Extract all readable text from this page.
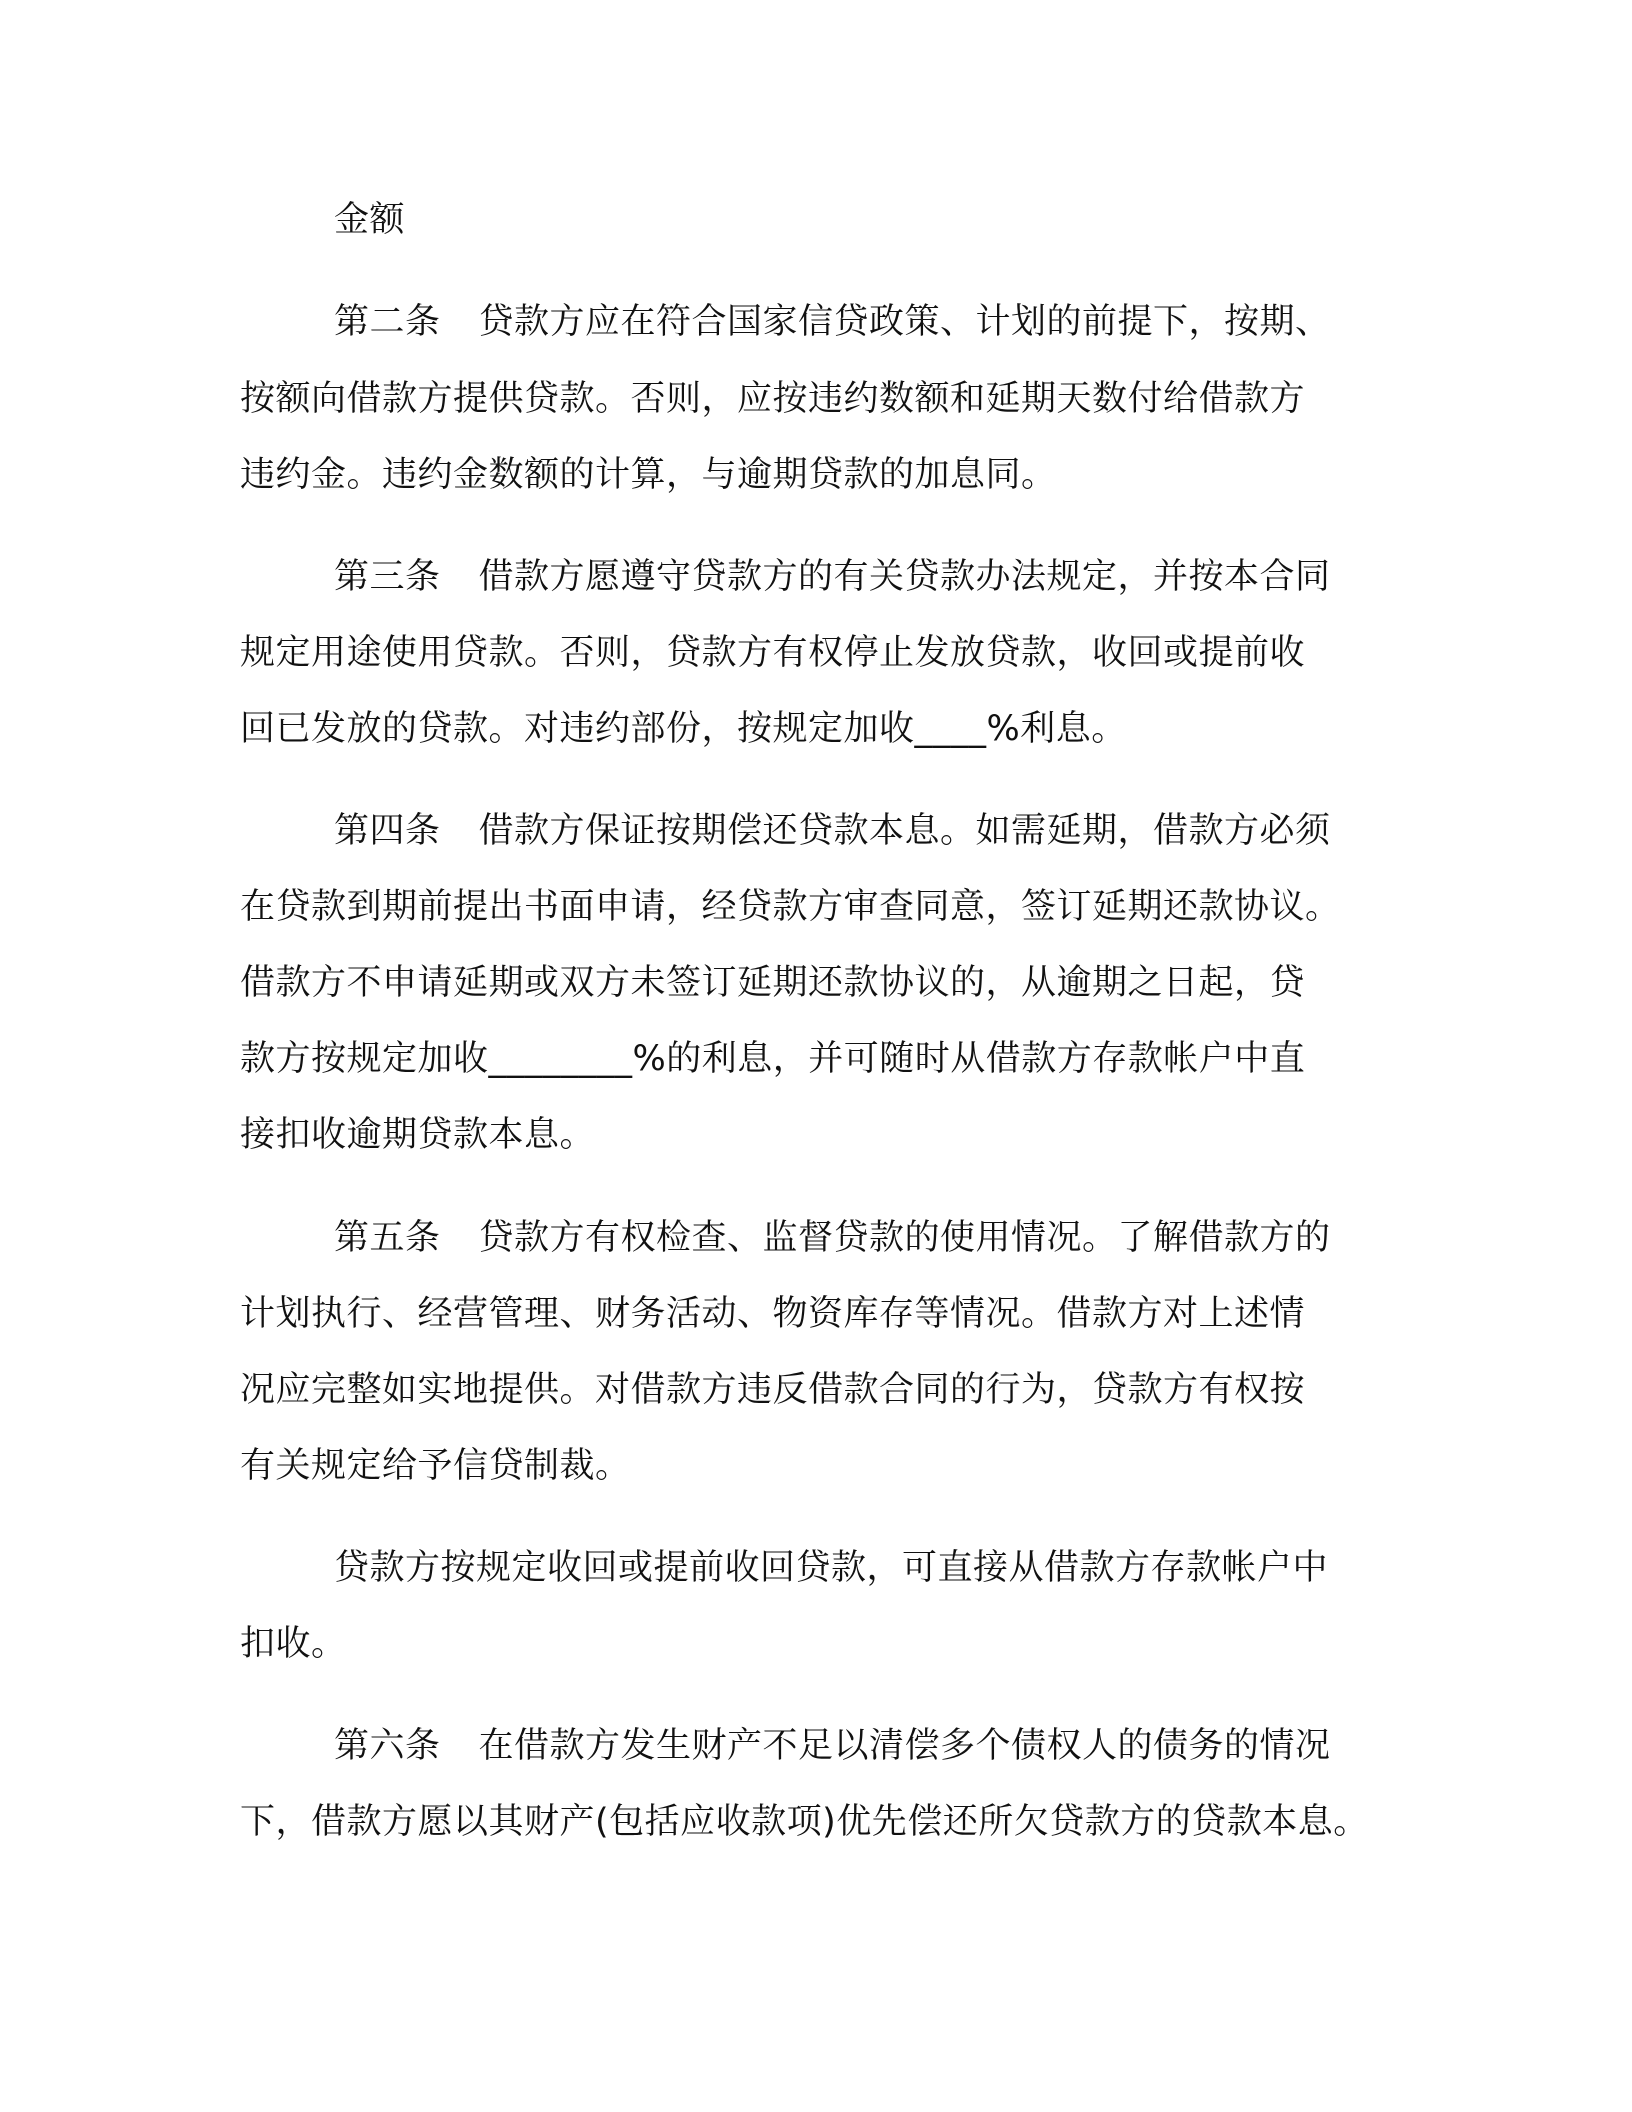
金额
第二条 贷款方应在符合国家信贷政策、计划的前提下，按期、
按额向借款方提供贷款。否则，应按违约数额和延期天数付给借款方
违约金。违约金数额的计算，与逾期贷款的加息同。
第三条 借款方愿遵守贷款方的有关贷款办法规定，并按本合同
规定用途使用贷款。否则，贷款方有权停止发放贷款，收回或提前收
回已发放的贷款。对违约部份，按规定加收____%利息。
第四条 借款方保证按期偿还贷款本息。如需延期，借款方必须
在贷款到期前提出书面申请，经贷款方审查同意，签订延期还款协议。
借款方不申请延期或双方未签订延期还款协议的，从逾期之日起，贷
款方按规定加收________%的利息，并可随时从借款方存款帐户中直
接扣收逾期贷款本息。
第五条 贷款方有权检查、监督贷款的使用情况。了解借款方的
计划执行、经营管理、财务活动、物资库存等情况。借款方对上述情
况应完整如实地提供。对借款方违反借款合同的行为，贷款方有权按
有关规定给予信贷制裁。
贷款方按规定收回或提前收回贷款，可直接从借款方存款帐户中
扣收。
第六条 在借款方发生财产不足以清偿多个债权人的债务的情况
下，借款方愿以其财产(包括应收款项)优先偿还所欠贷款方的贷款本息。
